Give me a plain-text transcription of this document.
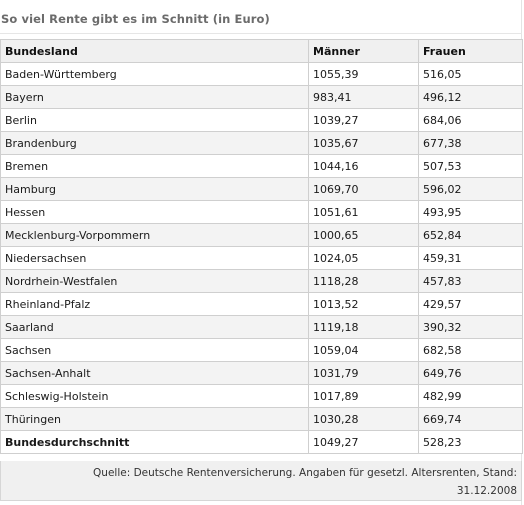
So viel Rente gibt es im Schnitt (in Euro)
Bundesland	Männer	Frauen
Baden-Württemberg	1055,39	516,05
Bayern	983,41	496,12
Berlin	1039,27	684,06
Brandenburg	1035,67	677,38
Bremen	1044,16	507,53
Hamburg	1069,70	596,02
Hessen	1051,61	493,95
Mecklenburg-Vorpommern	1000,65	652,84
Niedersachsen	1024,05	459,31
Nordrhein-Westfalen	1118,28	457,83
Rheinland-Pfalz	1013,52	429,57
Saarland	1119,18	390,32
Sachsen	1059,04	682,58
Sachsen-Anhalt	1031,79	649,76
Schleswig-Holstein	1017,89	482,99
Thüringen	1030,28	669,74
Bundesdurchschnitt	1049,27	528,23
Quelle: Deutsche Rentenversicherung. Angaben für gesetzl. Altersrenten, Stand: 31.12.2008
